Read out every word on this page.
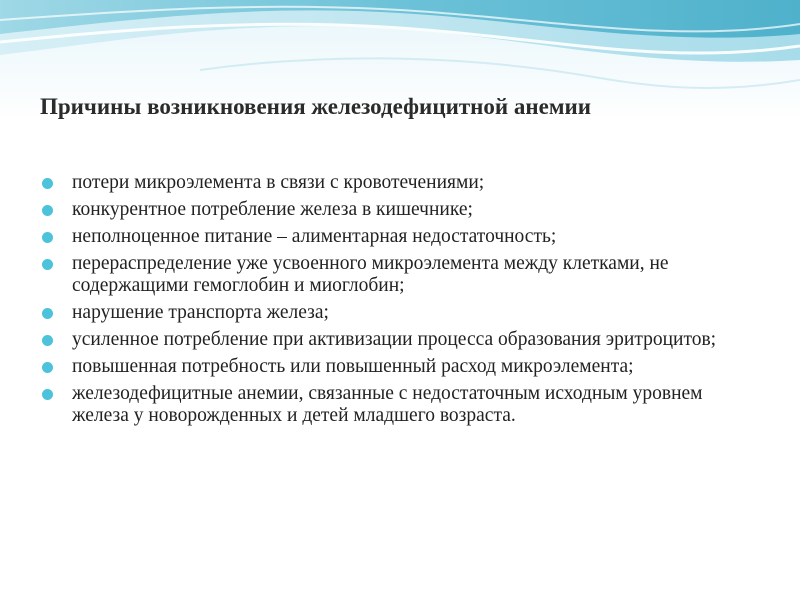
Причины возникновения железодефицитной анемии
потери микроэлемента в связи с кровотечениями;
конкурентное потребление железа в кишечнике;
неполноценное питание – алиментарная недостаточность;
перераспределение уже усвоенного микроэлемента между клетками, не содержащими гемоглобин и миоглобин;
нарушение транспорта железа;
усиленное потребление при активизации процесса образования эритроцитов;
повышенная потребность или повышенный расход микроэлемента;
железодефицитные анемии, связанные с недостаточным исходным уровнем железа у новорожденных и детей младшего возраста.
